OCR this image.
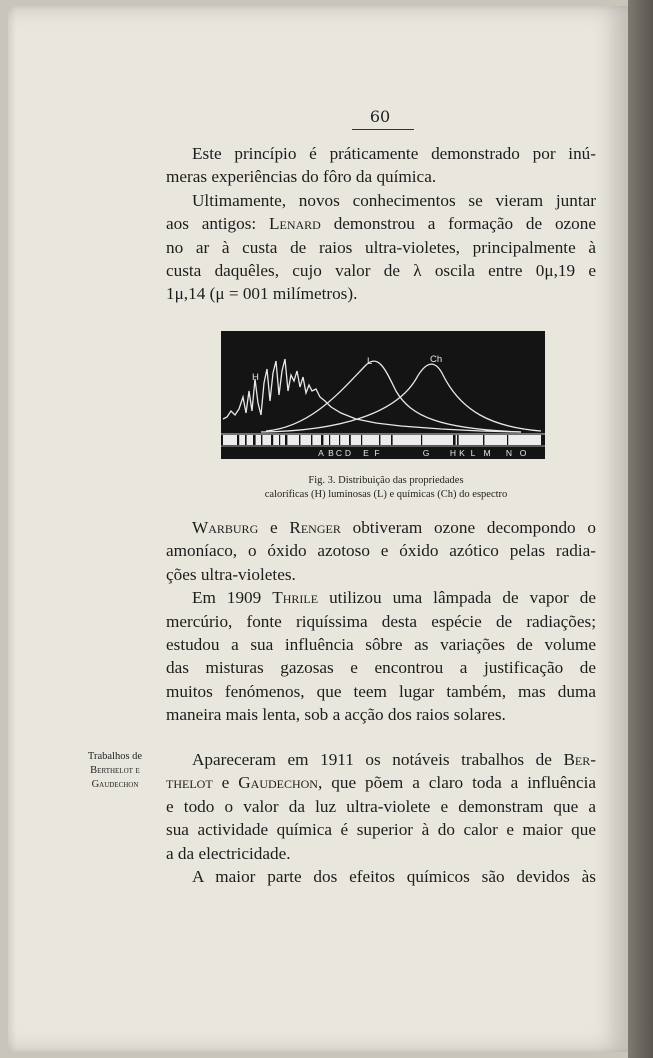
60

Este princípio é práticamente demonstrado por inú-

meras experiências do fôro da química.

Ultimamente, novos conhecimentos se vieram juntar

aos antigos: Lenard demonstrou a formação de ozone

no ar à custa de raios ultra-violetes, principalmente à

custa daquêles, cujo valor de λ oscila entre 0μ,19 e

1μ,14 (μ = 001 milímetros).

H
L	Ch
A B C D E F	G H K L M N O
Fig. 3. Distribuição das propriedades
caloríficas (H) luminosas (L) e químicas (Ch) do espectro

Warburg e Renger obtiveram ozone decompondo o

amoníaco, o óxido azotoso e óxido azótico pelas radia-

ções ultra-violetes.

Em 1909 Thrile utilizou uma lâmpada de vapor de

mercúrio, fonte riquíssima desta espécie de radiações;

estudou a sua influência sôbre as variações de volume

das misturas gazosas e encontrou a justificação de

muitos fenómenos, que teem lugar também, mas duma

maneira mais lenta, sob a acção dos raios solares.

Trabalhos de
Berthelot e
Gaudechon

Apareceram em 1911 os notáveis trabalhos de Ber-

thelot e Gaudechon, que põem a claro toda a influência

e todo o valor da luz ultra-violete e demonstram que a

sua actividade química é superior à do calor e maior que

a da electricidade.

A maior parte dos efeitos químicos são devidos às
